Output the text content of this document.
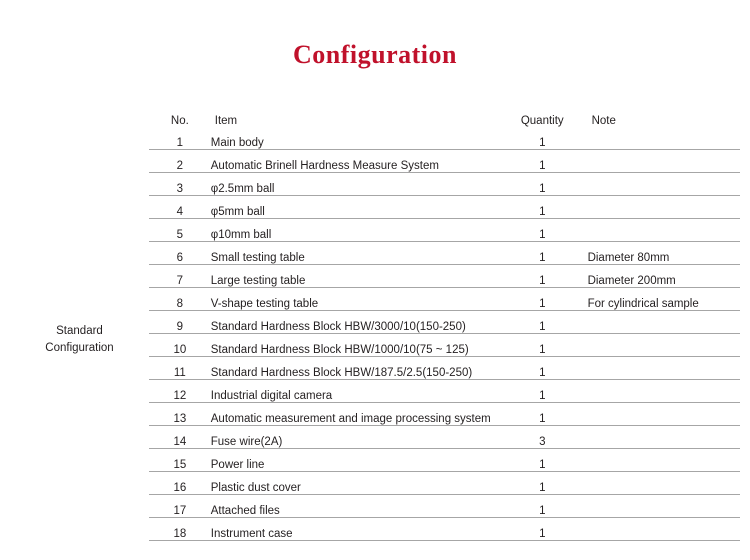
Configuration
	No.	Item	Quantity	Note
	1	Main body	1	
	2	Automatic Brinell Hardness Measure System	1	
	3	φ2.5mm ball	1	
	4	φ5mm ball	1	
	5	φ10mm ball	1	
	6	Small testing table	1	Diameter 80mm
	7	Large testing table	1	Diameter 200mm
	8	V-shape testing table	1	For cylindrical sample

Standard
Configuration	9	Standard Hardness Block HBW/3000/10(150-250)	1	
	10	Standard Hardness Block HBW/1000/10(75 ~ 125)	1	
	11	Standard Hardness Block HBW/187.5/2.5(150-250)	1	
	12	Industrial digital camera	1	
	13	Automatic measurement and image processing system	1	
	14	Fuse wire(2A)	3	
	15	Power line	1	
	16	Plastic dust cover	1	
	17	Attached files	1	
	18	Instrument case	1	
